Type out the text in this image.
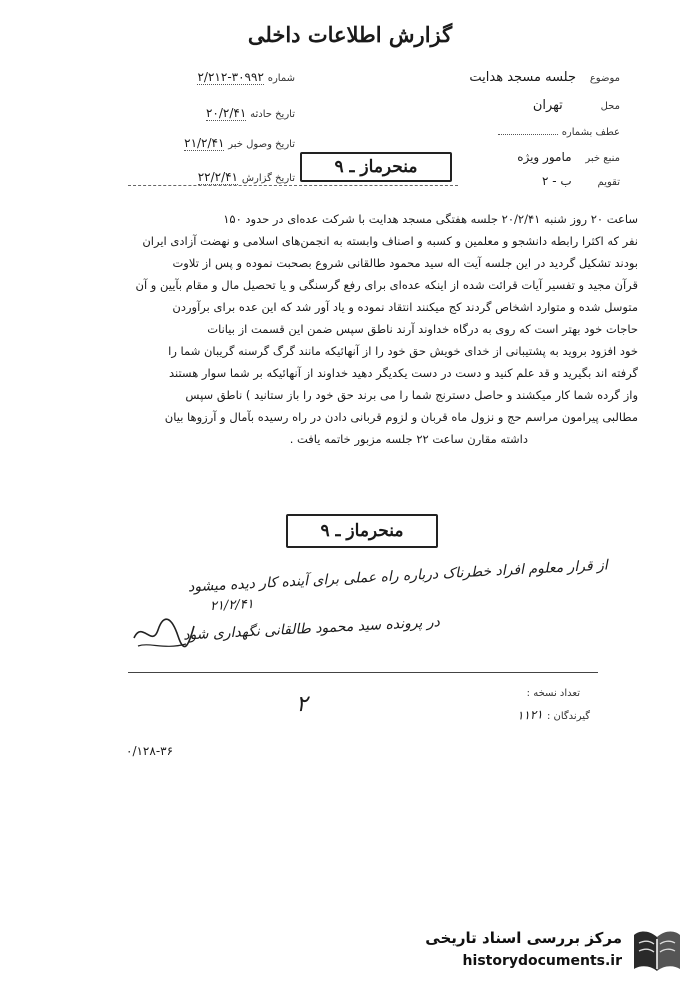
گزارش اطلاعات داخلی
شماره ۳۰۹۹۲-۲/۲۱۲
تاریخ حادثه ۲۰/۲/۴۱
تاریخ وصول خبر ۲۱/۲/۴۱
تاریخ گزارش ۲۲/۲/۴۱
موضوع جلسه مسجد هدایت
محل تهران
عطف بشماره
منبع خبر مامور ویژه
تقویم ب - ۲
منحرماز ـ ۹
ساعت ۲۰ روز شنبه ۲۰/۲/۴۱ جلسه هفتگی مسجد هدایت با شرکت عده‌ای در حدود ۱۵۰
نفر که اکثرا رابطه دانشجو و معلمین و کسبه و اصناف وابسته به انجمن‌های اسلامی و نهضت آزادی ایران
بودند تشکیل گردید در این جلسه آیت اله سید محمود طالقانی شروع بصحبت نموده و پس از تلاوت
قرآن مجید و تفسیر آیات قرائت شده از اینکه عده‌ای برای رفع گرسنگی و یا تحصیل مال و مقام بآیین و آن
متوسل شده و متوارد اشخاص گردند کج میکنند انتقاد نموده و یاد آور شد که این عده برای برآوردن
حاجات خود بهتر است که روی به درگاه خداوند آرند ناطق سپس ضمن این قسمت از بیانات
خود افزود بروید به پشتیبانی از خدای خویش حق خود را از آنهائیکه مانند گرگ گرسنه گریبان شما را
گرفته اند بگیرید و قد علم کنید و دست در دست یکدیگر دهید خداوند از آنهائیکه بر شما سوار هستند
واز گرده شما کار میکشند و حاصل دسترنج شما را می برند حق خود را باز ستانید ) ناطق سپس
مطالبی پیرامون مراسم حج و نزول ماه قربان و لزوم قربانی دادن در راه رسیده بآمال و آرزوها بیان
داشته مقارن ساعت ۲۲ جلسه مزبور خاتمه یافت .
منحرماز ـ ۹
از قرار معلوم افراد خطرناک درباره راه عملی برای آینده کار دیده میشود
۲۱/۲/۴۱
در پرونده سید محمود طالقانی نگهداری شود
تعداد نسخه :
گیرندگان : ۱۱۲۱
۲
۰/۱۲۸-۳۶
مرکز بررسی اسناد تاریخی
historydocuments.ir
